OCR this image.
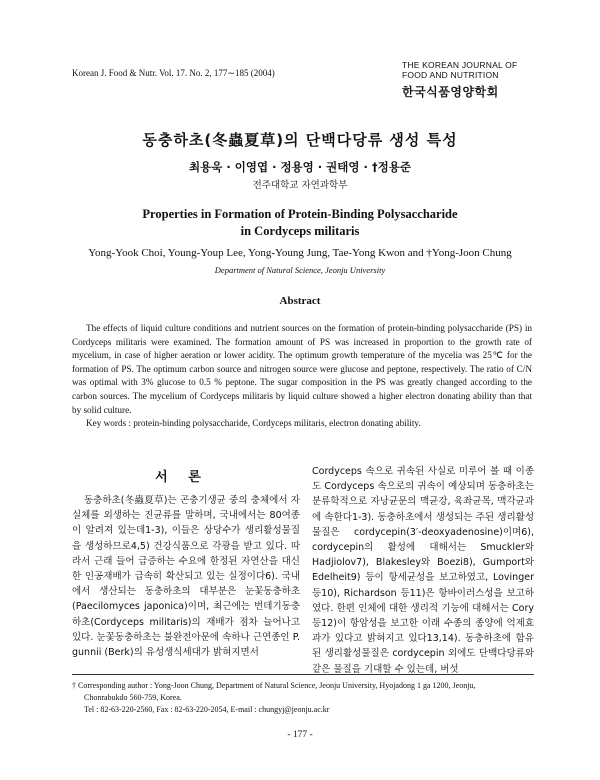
Korean J. Food & Nutr. Vol. 17. No. 2, 177∼185 (2004)
THE KOREAN JOURNAL OF
FOOD AND NUTRITION
한국식품영양학회
동충하초(冬蟲夏草)의 단백다당류 생성 특성
최용욱 · 이영엽 · 정용영 · 권태영 · †정용준
전주대학교 자연과학부
Properties in Formation of Protein-Binding Polysaccharide
in Cordyceps militaris
Yong-Yook Choi, Young-Youp Lee, Yong-Young Jung, Tae-Yong Kwon and †Yong-Joon Chung
Department of Natural Science, Jeonju University
Abstract
The effects of liquid culture conditions and nutrient sources on the formation of protein-binding polysaccharide (PS) in Cordyceps militaris were examined. The formation amount of PS was increased in proportion to the growth rate of mycelium, in case of higher aeration or lower acidity. The optimum growth temperature of the mycelia was 25℃ for the formation of PS. The optimum carbon source and nitrogen source were glucose and peptone, respectively. The ratio of C/N was optimal with 3% glucose to 0.5 % peptone. The sugar composition in the PS was greatly changed according to the carbon sources. The mycelium of Cordyceps militaris by liquid culture showed a higher electron donating ability than that by solid culture.
Key words : protein-binding polysaccharide, Cordyceps militaris, electron donating ability.
서 론
동충하초(冬蟲夏草)는 곤충기생균 중의 충체에서 자실체를 외생하는 진균류를 말하며, 국내에서는 80여종이 알려져 있는데1-3), 이들은 상당수가 생리활성물질을 생성하므로4,5) 건강식품으로 각광을 받고 있다. 따라서 근래 들어 급증하는 수요에 한정된 자연산을 대신한 인공재배가 급속히 확산되고 있는 실정이다6). 국내에서 생산되는 동충하초의 대부분은 눈꽃동충하초(Paecilomyces japonica)이며, 최근에는 번데기동충하초(Cordyceps militaris)의 재배가 점차 늘어나고 있다. 눈꽃동충하초는 불완전아문에 속하나 근연종인 P. gunnii (Berk)의 유성생식세대가 밝혀지면서
Cordyceps 속으로 귀속된 사실로 미루어 볼 때 이종도 Cordyceps 속으로의 귀속이 예상되며 동충하초는 분류학적으로 자낭균문의 맥균강, 육좌균목, 맥각균과에 속한다1-3). 동충하초에서 생성되는 주된 생리활성물질은 cordycepin(3′-deoxyadenosine)이며6), cordycepin의 활성에 대해서는 Smuckler와 Hadjiolov7), Blakesley와 Boezi8), Gumport와 Edelheit9) 등이 항세균성을 보고하였고, Lovinger 등10), Richardson 등11)은 항바이러스성을 보고하였다. 한편 인체에 대한 생리적 기능에 대해서는 Cory 등12)이 항암성을 보고한 이래 수종의 종양에 억제효과가 있다고 밝혀지고 있다13,14). 동충하초에 함유된 생리활성물질은 cordycepin 외에도 단백다당류와 같은 물질을 기대할 수 있는데, 버섯
† Corresponding author : Yong-Joon Chung, Department of Natural Science, Jeonju University, Hyojadong 1 ga 1200, Jeonju,
Chonrabukdo 560-759, Korea.
Tel : 82-63-220-2560, Fax : 82-63-220-2054, E-mail : chungyj@jeonju.ac.kr
- 177 -
